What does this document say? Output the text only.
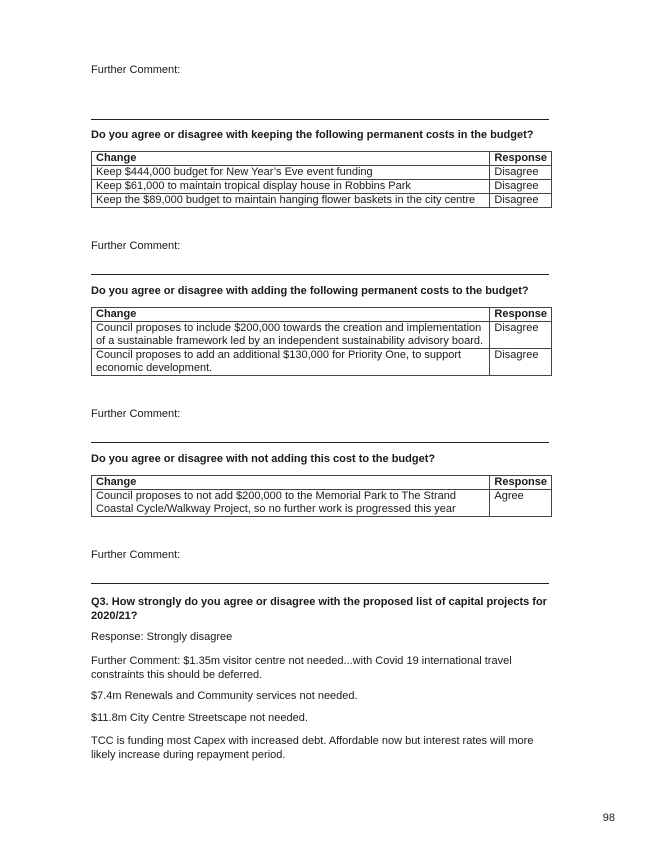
Further Comment:
Do you agree or disagree with keeping the following permanent costs in the budget?
Change	Response
Keep $444,000 budget for New Year’s Eve event funding	Disagree
Keep $61,000 to maintain tropical display house in Robbins Park	Disagree
Keep the $89,000 budget to maintain hanging flower baskets in the city centre	Disagree
Further Comment:
Do you agree or disagree with adding the following permanent costs to the budget?
Change	Response
Council proposes to include $200,000 towards the creation and implementation of a sustainable framework led by an independent sustainability advisory board.	Disagree
Council proposes to add an additional $130,000 for Priority One, to support economic development.	Disagree
Further Comment:
Do you agree or disagree with not adding this cost to the budget?
Change	Response
Council proposes to not add $200,000 to the Memorial Park to The Strand Coastal Cycle/Walkway Project, so no further work is progressed this year	Agree
Further Comment:
Q3. How strongly do you agree or disagree with the proposed list of capital projects for 2020/21?
Response: Strongly disagree
Further Comment: $1.35m visitor centre not needed...with Covid 19 international travel constraints this should be deferred.
$7.4m Renewals and Community services not needed.
$11.8m City Centre Streetscape not needed.
TCC is funding most Capex with increased debt. Affordable now but interest rates will more likely increase during repayment period.
98
